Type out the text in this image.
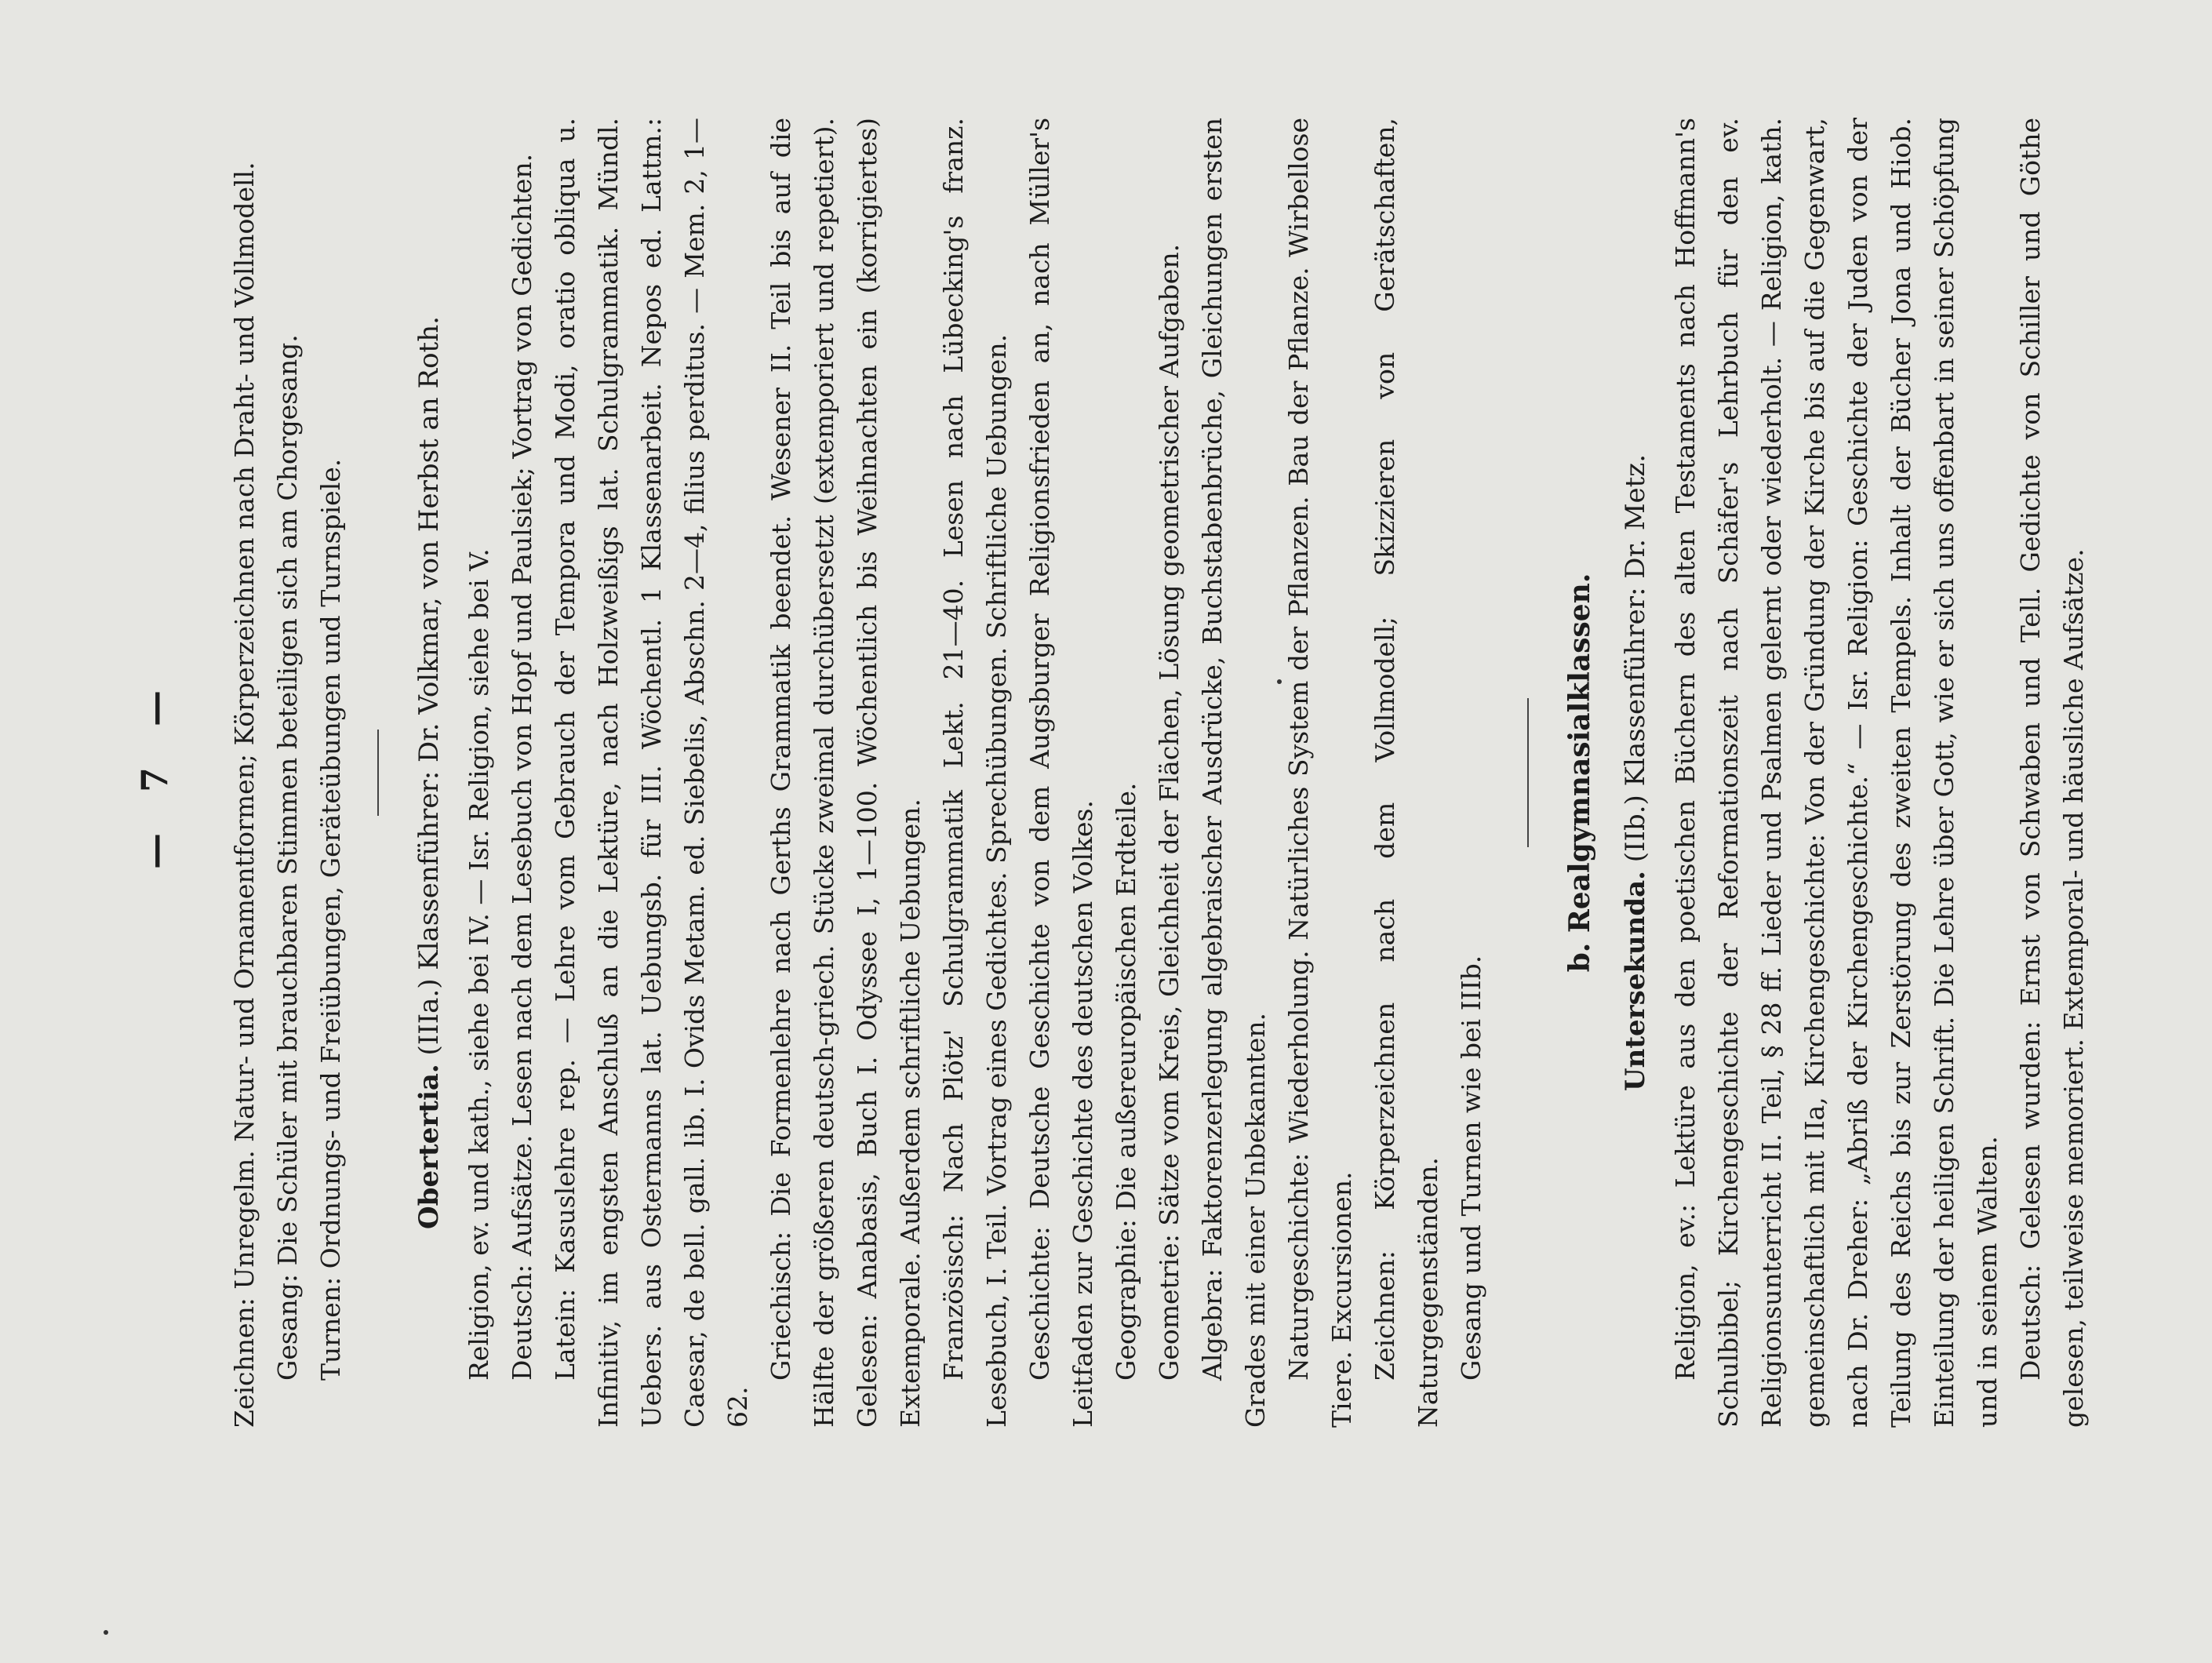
— 7 — Zeichnen: Unregelm. Natur- und Ornamentformen; Körperzeichnen nach Draht- und Vollmodell. Gesang: Die Schüler mit brauchbaren Stimmen beteiligen sich am Chorgesang. Turnen: Ordnungs- und Freiübungen, Geräteübungen und Turnspiele.	Obertertia. (IIIa.) Klassenführer: Dr. Volkmar, von Herbst an Roth. Religion, ev. und kath., siehe bei IV. — Isr. Religion, siehe bei V. Deutsch: Aufsätze. Lesen nach dem Lesebuch von Hopf und Paulsiek; Vortrag von Gedichten. Latein: Kasuslehre rep. — Lehre vom Gebrauch der Tempora und Modi, oratio obliqua u. Infinitiv, im engsten Anschluß an die Lektüre, nach Holzweißigs lat. Schulgrammatik. Mündl. Uebers. aus Ostermanns lat. Uebungsb. für III. Wöchentl. 1 Klassenarbeit. Nepos ed. Lattm.: Caesar, de bell. gall. lib. I. Ovids Metam. ed. Siebelis, Abschn. 2—4, filius perditus. — Mem. 2, 1—62.

Griechisch: Die Formenlehre nach Gerths Grammatik beendet. Wesener II. Teil bis auf die Hälfte der größeren deutsch-griech. Stücke zweimal durchübersetzt (extemporiert und repetiert). Gelesen: Anabasis, Buch I. Odyssee I, 1—100. Wöchentlich bis Weihnachten ein (korrigiertes) Extemporale. Außerdem schriftliche Uebungen. Französisch: Nach Plötz' Schulgrammatik Lekt. 21—40. Lesen nach Lübecking's franz. Lesebuch, I. Teil. Vortrag eines Gedichtes. Sprechübungen. Schriftliche Uebungen. Geschichte: Deutsche Geschichte von dem Augsburger Religionsfrieden an, nach Müller's Leitfaden zur Geschichte des deutschen Volkes. Geographie: Die außereuropäischen Erdteile. Geometrie: Sätze vom Kreis, Gleichheit der Flächen, Lösung geometrischer Aufgaben. Algebra: Faktorenzerlegung algebraischer Ausdrücke, Buchstabenbrüche, Gleichungen ersten Grades mit einer Unbekannten. Naturgeschichte: Wiederholung. Natürliches System der Pflanzen. Bau der Pflanze. Wirbellose Tiere. Excursionen. Zeichnen: Körperzeichnen nach dem Vollmodell; Skizzieren von Gerätschaften, Naturgegenständen. Gesang und Turnen wie bei IIIb.

b. Realgymnasialklassen.
Untersekunda. (IIb.) Klassenführer: Dr. Metz. Religion, ev.: Lektüre aus den poetischen Büchern des alten Testaments nach Hoffmann's Schulbibel; Kirchengeschichte der Reformationszeit nach Schäfer's Lehrbuch für den ev. Religionsunterricht II. Teil, § 28 ff. Lieder und Psalmen gelernt oder wiederholt. — Religion, kath. gemeinschaftlich mit IIa, Kirchengeschichte: Von der Gründung der Kirche bis auf die Gegenwart, nach Dr. Dreher: „Abriß der Kirchengeschichte.“ — Isr. Religion: Geschichte der Juden von der Teilung des Reichs bis zur Zerstörung des zweiten Tempels. Inhalt der Bücher Jona und Hiob. Einteilung der heiligen Schrift. Die Lehre über Gott, wie er sich uns offenbart in seiner Schöpfung und in seinem Walten. Deutsch: Gelesen wurden: Ernst von Schwaben und Tell. Gedichte von Schiller und Göthe gelesen, teilweise memoriert. Extemporal- und häusliche Aufsätze.
